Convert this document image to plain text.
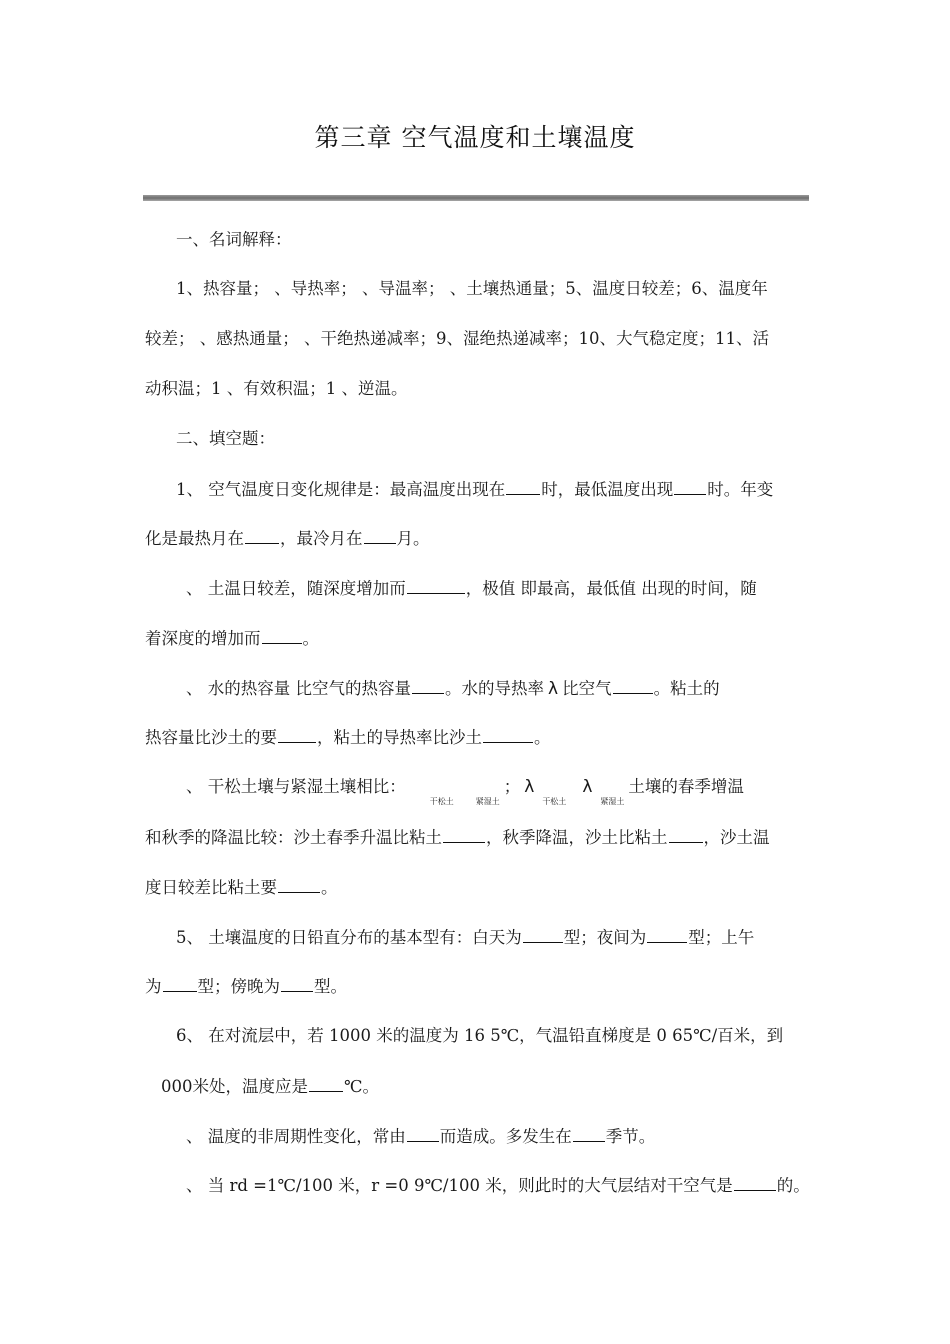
第三章 空气温度和土壤温度
一、名词解释：
1、热容量； 、导热率； 、导温率； 、土壤热通量；5、温度日较差；6、温度年
较差； 、感热通量； 、干绝热递减率；9、湿绝热递减率；10、大气稳定度；11、活
动积温；1 、有效积温；1 、逆温。
二、填空题：
1、 空气温度日变化规律是：最高温度出现在 时，最低温度出现 时。年变
化是最热月在 ，最冷月在 月。
、 土温日较差，随深度增加而	，极值 即最高，最低值 出现的时间，随
着深度的增加而	。
、 水的热容量 比空气的热容量 。水的导热率 λ 比空气	。粘土的
热容量比沙土的要 ，粘土的导热率比沙土	。
、 干松土壤与紧湿土壤相比：干松土	紧湿土； λ干松土λ紧湿土土壤的春季增温
和秋季的降温比较：沙土春季升温比粘土	，秋季降温，沙土比粘土 ，沙土温
度日较差比粘土要	。
5、 土壤温度的日铅直分布的基本型有：白天为	型；夜间为	型；上午
为 型；傍晚为 型。
6、 在对流层中，若 1000 米的温度为 16 5℃，气温铅直梯度是 0 65℃/百米，到
000米处，温度应是 ℃。
、 温度的非周期性变化，常由 而造成。多发生在 季节。
、 当 rd =1℃/100 米，r =0 9℃/100 米，则此时的大气层结对干空气是	的。
